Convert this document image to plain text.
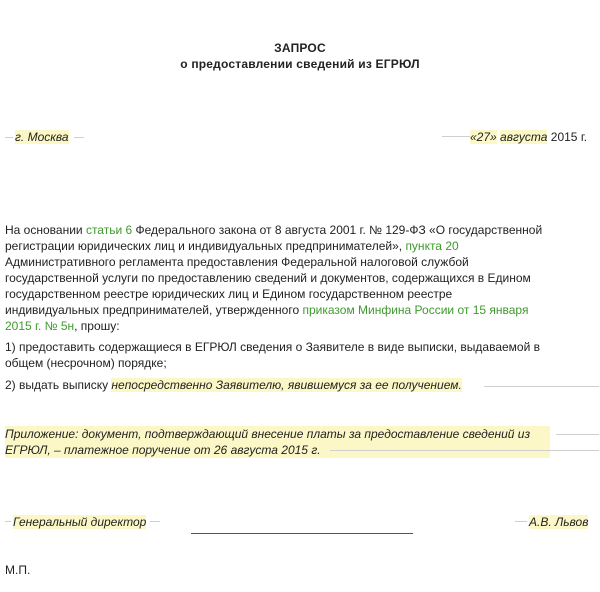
ЗАПРОС
о предоставлении сведений из ЕГРЮЛ
г. Москва	«27» августа 2015 г.

На основании статьи 6 Федерального закона от 8 августа 2001 г. № 129-ФЗ «О государственной регистрации юридических лиц и индивидуальных предпринимателей», пункта 20 Административного регламента предоставления Федеральной налоговой службой государственной услуги по предоставлению сведений и документов, содержащихся в Едином государственном реестре юридических лиц и Едином государственном реестре индивидуальных предпринимателей, утвержденного приказом Минфина России от 15 января 2015 г. № 5н, прошу:

1) предоставить содержащиеся в ЕГРЮЛ сведения о Заявителе в виде выписки, выдаваемой в общем (несрочном) порядке;

2) выдать выписку непосредственно Заявителю, явившемуся за ее получением.
Приложение: документ, подтверждающий внесение платы за предоставление сведений из ЕГРЮЛ, – платежное поручение от 26 августа 2015 г.
Генеральный директор	А.В. Львов
М.П.
